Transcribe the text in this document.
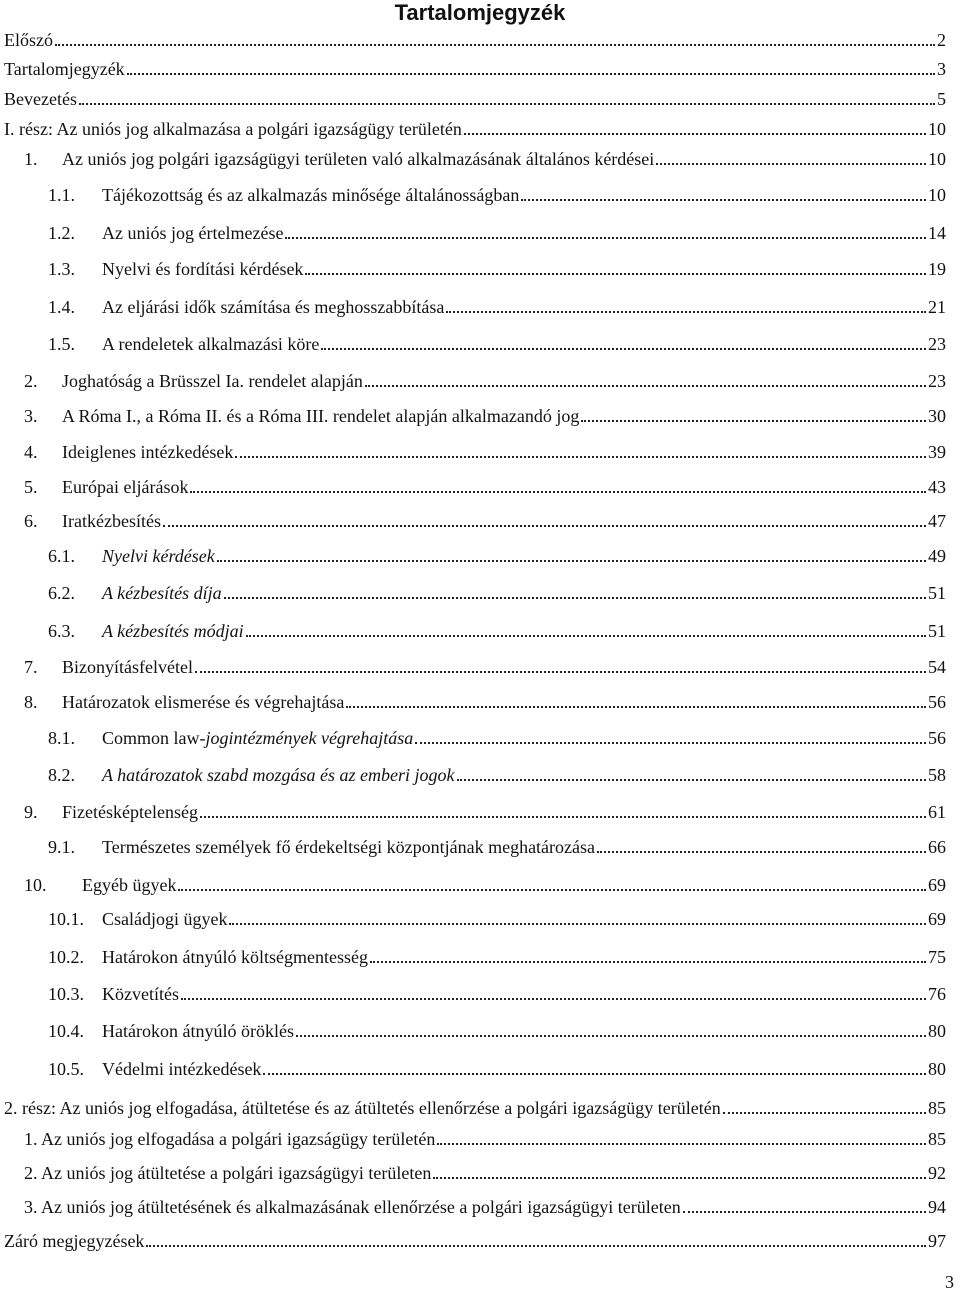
Tartalomjegyzék
Előszó	2
Tartalomjegyzék	3
Bevezetés	5
I. rész: Az uniós jog alkalmazása a polgári igazságügy területén	10
1.	Az uniós jog polgári igazságügyi területen való alkalmazásának általános kérdései	10
1.1.	Tájékozottság és az alkalmazás minősége általánosságban	10
1.2.	Az uniós jog értelmezése	14
1.3.	Nyelvi és fordítási kérdések	19
1.4.	Az eljárási idők számítása és meghosszabbítása	21
1.5.	A rendeletek alkalmazási köre	23
2.	Joghatóság a Brüsszel Ia. rendelet alapján	23
3.	A Róma I., a Róma II. és a Róma III. rendelet alapján alkalmazandó jog	30
4.	Ideiglenes intézkedések	39
5.	Európai eljárások	43
6.	Iratkézbesítés	47
6.1.	Nyelvi kérdések	49
6.2.	A kézbesítés díja	51
6.3.	A kézbesítés módjai	51
7.	Bizonyításfelvétel	54
8.	Határozatok elismerése és végrehajtása	56
8.1.	Common law-jogintézmények végrehajtása	56
8.2.	A határozatok szabd mozgása és az emberi jogok	58
9.	Fizetésképtelenség	61
9.1.	Természetes személyek fő érdekeltségi központjának meghatározása	66
10.	Egyéb ügyek	69
10.1.	Családjogi ügyek	69
10.2.	Határokon átnyúló költségmentesség	75
10.3.	Közvetítés	76
10.4.	Határokon átnyúló öröklés	80
10.5.	Védelmi intézkedések	80
2. rész: Az uniós jog elfogadása, átültetése és az átültetés ellenőrzése a polgári igazságügy területén	85
1. Az uniós jog elfogadása a polgári igazságügy területén	85
2. Az uniós jog átültetése a polgári igazságügyi területen	92
3. Az uniós jog átültetésének és alkalmazásának ellenőrzése a polgári igazságügyi területen	94
Záró megjegyzések	97
3
